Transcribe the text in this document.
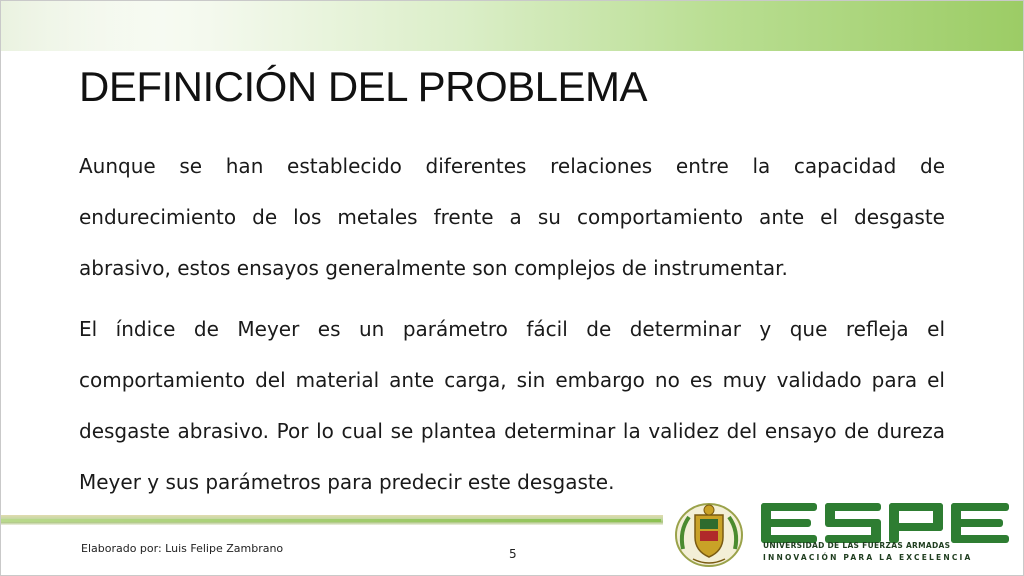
DEFINICIÓN DEL PROBLEMA

Aunque se han establecido diferentes relaciones entre la capacidad de endurecimiento de los metales frente a su comportamiento ante el desgaste abrasivo, estos ensayos generalmente son complejos de instrumentar.

El índice de Meyer es un parámetro fácil de determinar y que refleja el comportamiento del material ante carga, sin embargo no es muy validado para el desgaste abrasivo. Por lo cual se plantea determinar la validez del ensayo de dureza Meyer y sus parámetros para predecir este desgaste.

Elaborado por: Luis Felipe Zambrano	5
UNIVERSIDAD DE LAS FUERZAS ARMADAS
INNOVACIÓN PARA LA EXCELENCIA
